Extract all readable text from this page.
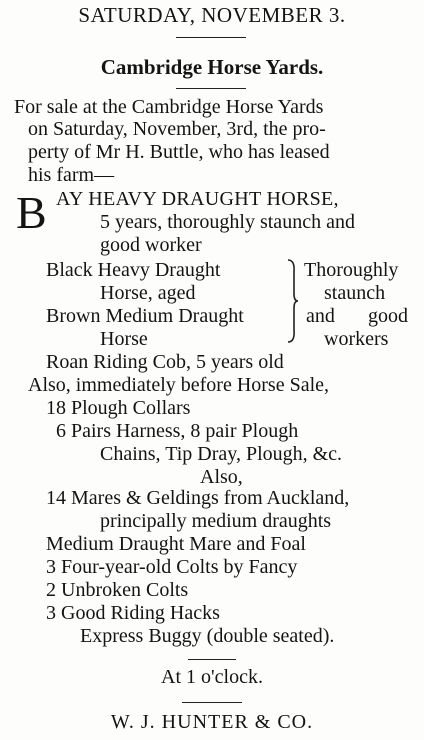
SATURDAY, NOVEMBER 3.
Cambridge Horse Yards.
For sale at the Cambridge Horse Yards
on Saturday, November, 3rd, the pro-
perty of Mr H. Buttle, who has leased
his farm—
B AY HEAVY DRAUGHT HORSE,
5 years, thoroughly staunch and
good worker
Black Heavy Draught
Horse, aged
Brown Medium Draught
Horse
Thoroughly
staunch
and good
workers
Roan Riding Cob, 5 years old
Also, immediately before Horse Sale,
18 Plough Collars
6 Pairs Harness, 8 pair Plough
Chains, Tip Dray, Plough, &c.
Also,
14 Mares & Geldings from Auckland,
principally medium draughts
Medium Draught Mare and Foal
3 Four-year-old Colts by Fancy
2 Unbroken Colts
3 Good Riding Hacks
Express Buggy (double seated).
At 1 o'clock.
W. J. HUNTER & CO.
